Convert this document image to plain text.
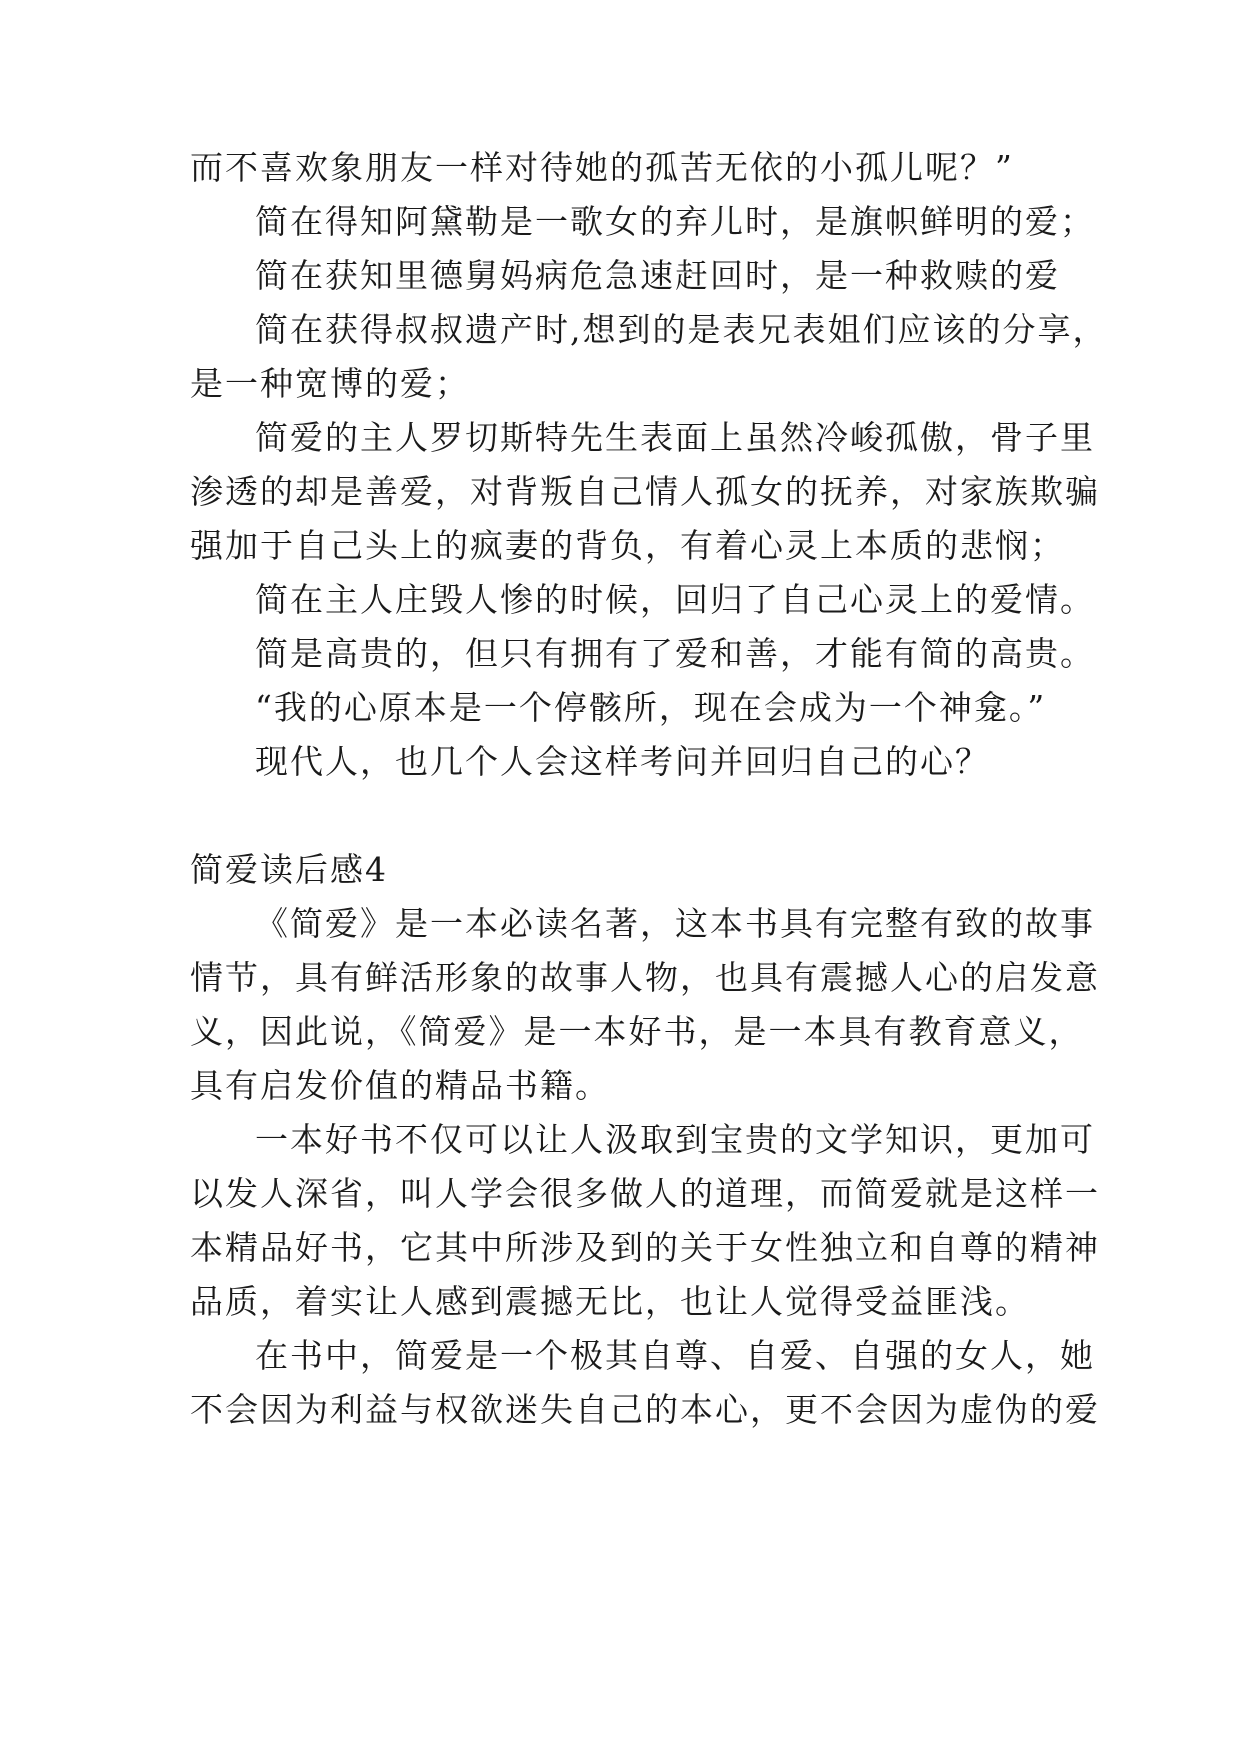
而不喜欢象朋友一样对待她的孤苦无依的小孤儿呢？”
简在得知阿黛勒是一歌女的弃儿时，是旗帜鲜明的爱；
简在获知里德舅妈病危急速赶回时，是一种救赎的爱
简在获得叔叔遗产时,想到的是表兄表姐们应该的分享，
是一种宽博的爱；
简爱的主人罗切斯特先生表面上虽然冷峻孤傲，骨子里
渗透的却是善爱，对背叛自己情人孤女的抚养，对家族欺骗
强加于自己头上的疯妻的背负，有着心灵上本质的悲悯；
简在主人庄毁人惨的时候，回归了自己心灵上的爱情。
简是高贵的，但只有拥有了爱和善，才能有简的高贵。
“我的心原本是一个停骸所，现在会成为一个神龛。”
现代人，也几个人会这样考问并回归自己的心？
简爱读后感4
《简爱》是一本必读名著，这本书具有完整有致的故事
情节，具有鲜活形象的故事人物，也具有震撼人心的启发意
义，因此说，《简爱》是一本好书，是一本具有教育意义，
具有启发价值的精品书籍。
一本好书不仅可以让人汲取到宝贵的文学知识，更加可
以发人深省，叫人学会很多做人的道理，而简爱就是这样一
本精品好书，它其中所涉及到的关于女性独立和自尊的精神
品质，着实让人感到震撼无比，也让人觉得受益匪浅。
在书中，简爱是一个极其自尊、自爱、自强的女人，她
不会因为利益与权欲迷失自己的本心，更不会因为虚伪的爱
